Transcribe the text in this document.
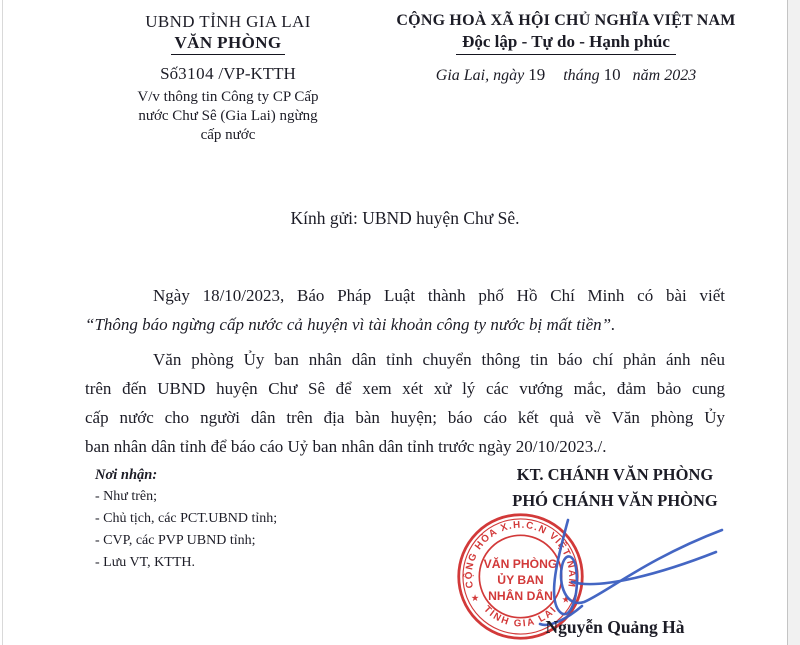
UBND TỈNH GIA LAI
VĂN PHÒNG
Số3104 /VP-KTTH
V/v thông tin Công ty CP Cấp
nước Chư Sê (Gia Lai) ngừng
cấp nước
CỘNG HOÀ XÃ HỘI CHỦ NGHĨA VIỆT NAM
Độc lập - Tự do - Hạnh phúc
Gia Lai, ngày 19 tháng 10 năm 2023
Kính gửi: UBND huyện Chư Sê.
Ngày 18/10/2023, Báo Pháp Luật thành phố Hồ Chí Minh có bài viết
“Thông báo ngừng cấp nước cả huyện vì tài khoản công ty nước bị mất tiền”.
Văn phòng Ủy ban nhân dân tỉnh chuyển thông tin báo chí phản ánh nêu
trên đến UBND huyện Chư Sê để xem xét xử lý các vướng mắc, đảm bảo cung
cấp nước cho người dân trên địa bàn huyện; báo cáo kết quả về Văn phòng Ủy
ban nhân dân tỉnh để báo cáo Uỷ ban nhân dân tỉnh trước ngày 20/10/2023./.
Nơi nhận:
- Như trên;
- Chủ tịch, các PCT.UBND tỉnh;
- CVP, các PVP UBND tỉnh;
- Lưu VT, KTTH.
KT. CHÁNH VĂN PHÒNG
PHÓ CHÁNH VĂN PHÒNG
CỘNG HÒA X.H.C.N VIỆT NAM
TỈNH GIA LAI
★	★
VĂN PHÒNG
ỦY BAN
NHÂN DÂN
Nguyễn Quảng Hà
